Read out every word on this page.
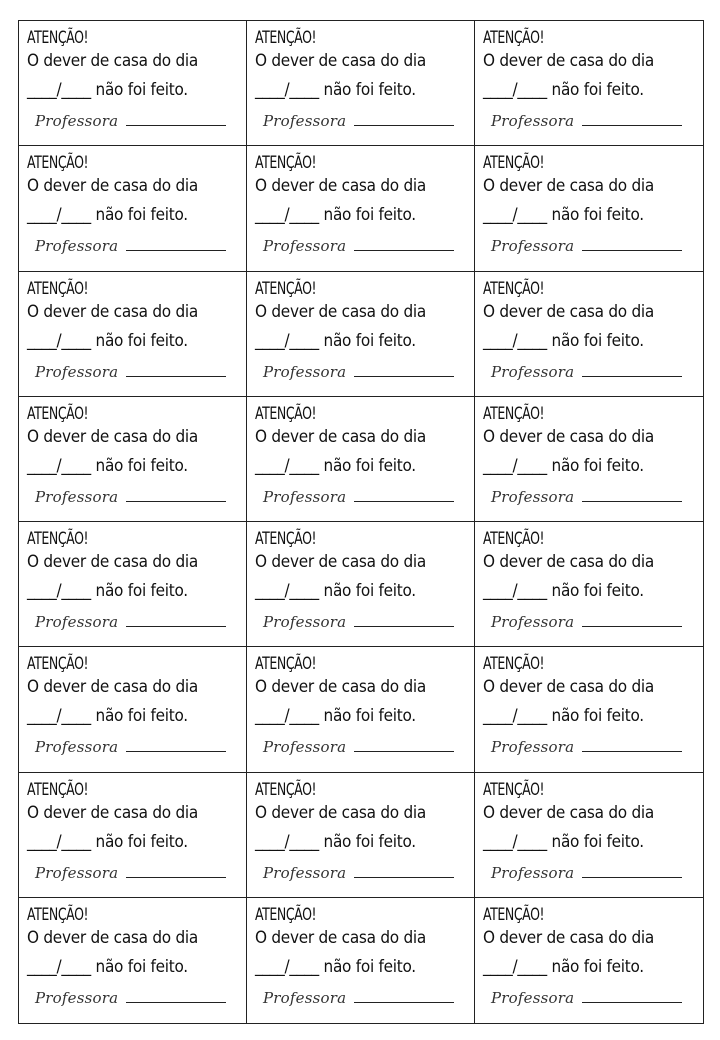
ATENÇÃO!
O dever de casa do dia
____/____ não foi feito.
Professora
ATENÇÃO!
O dever de casa do dia
____/____ não foi feito.
Professora
ATENÇÃO!
O dever de casa do dia
____/____ não foi feito.
Professora
ATENÇÃO!
O dever de casa do dia
____/____ não foi feito.
Professora
ATENÇÃO!
O dever de casa do dia
____/____ não foi feito.
Professora
ATENÇÃO!
O dever de casa do dia
____/____ não foi feito.
Professora
ATENÇÃO!
O dever de casa do dia
____/____ não foi feito.
Professora
ATENÇÃO!
O dever de casa do dia
____/____ não foi feito.
Professora
ATENÇÃO!
O dever de casa do dia
____/____ não foi feito.
Professora
ATENÇÃO!
O dever de casa do dia
____/____ não foi feito.
Professora
ATENÇÃO!
O dever de casa do dia
____/____ não foi feito.
Professora
ATENÇÃO!
O dever de casa do dia
____/____ não foi feito.
Professora
ATENÇÃO!
O dever de casa do dia
____/____ não foi feito.
Professora
ATENÇÃO!
O dever de casa do dia
____/____ não foi feito.
Professora
ATENÇÃO!
O dever de casa do dia
____/____ não foi feito.
Professora
ATENÇÃO!
O dever de casa do dia
____/____ não foi feito.
Professora
ATENÇÃO!
O dever de casa do dia
____/____ não foi feito.
Professora
ATENÇÃO!
O dever de casa do dia
____/____ não foi feito.
Professora
ATENÇÃO!
O dever de casa do dia
____/____ não foi feito.
Professora
ATENÇÃO!
O dever de casa do dia
____/____ não foi feito.
Professora
ATENÇÃO!
O dever de casa do dia
____/____ não foi feito.
Professora
ATENÇÃO!
O dever de casa do dia
____/____ não foi feito.
Professora
ATENÇÃO!
O dever de casa do dia
____/____ não foi feito.
Professora
ATENÇÃO!
O dever de casa do dia
____/____ não foi feito.
Professora
